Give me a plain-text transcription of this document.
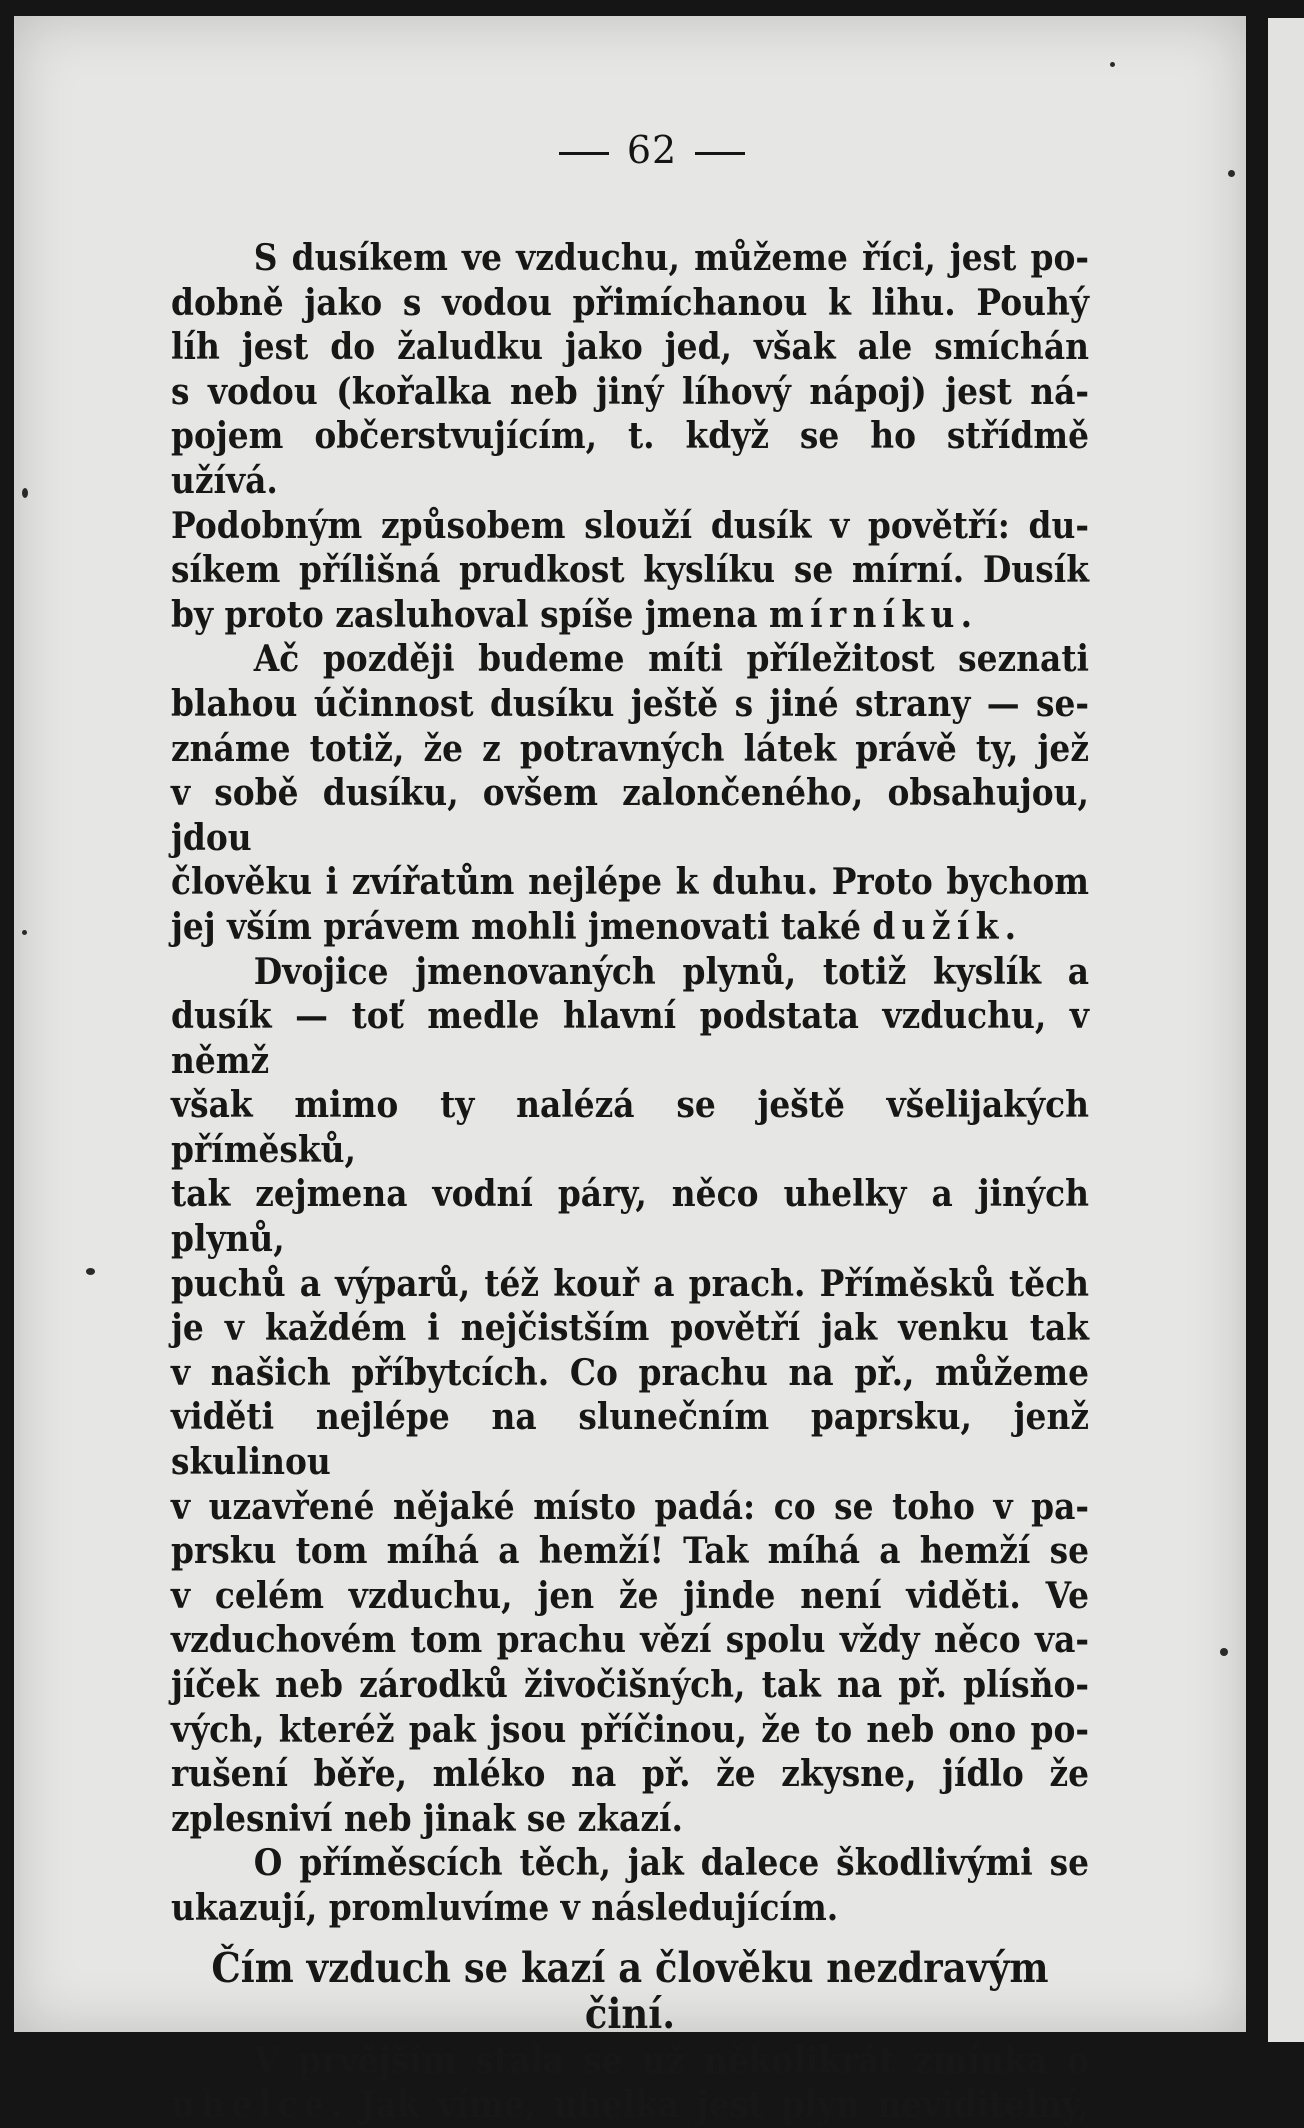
62

S dusíkem ve vzduchu, můžeme říci, jest po-

dobně jako s vodou přimíchanou k lihu. Pouhý

líh jest do žaludku jako jed, však ale smíchán

s vodou (kořalka neb jiný líhový nápoj) jest ná-

pojem občerstvujícím, t. když se ho střídmě užívá.

Podobným způsobem slouží dusík v povětří: du-

síkem přílišná prudkost kyslíku se mírní. Dusík

by proto zasluhoval spíše jmena mírníku.

Ač později budeme míti příležitost seznati

blahou účinnost dusíku ještě s jiné strany — se-

známe totiž, že z potravných látek právě ty, jež

v sobě dusíku, ovšem zalončeného, obsahujou, jdou

člověku i zvířatům nejlépe k duhu. Proto bychom

jej vším právem mohli jmenovati také dužík.

Dvojice jmenovaných plynů, totiž kyslík a

dusík — toť medle hlavní podstata vzduchu, v němž

však mimo ty nalézá se ještě všelijakých příměsků,

tak zejmena vodní páry, něco uhelky a jiných plynů,

puchů a výparů, též kouř a prach. Příměsků těch

je v každém i nejčistším povětří jak venku tak

v našich příbytcích. Co prachu na př., můžeme

viděti nejlépe na slunečním paprsku, jenž skulinou

v uzavřené nějaké místo padá: co se toho v pa-

prsku tom míhá a hemží! Tak míhá a hemží se

v celém vzduchu, jen že jinde není viděti. Ve

vzduchovém tom prachu vězí spolu vždy něco va-

jíček neb zárodků živočišných, tak na př. plísňo-

vých, kteréž pak jsou příčinou, že to neb ono po-

rušení běře, mléko na př. že zkysne, jídlo že

zplesniví neb jinak se zkazí.

O příměscích těch, jak dalece škodlivými se

ukazují, promluvíme v následujícím.

Čím vzduch se kazí a člověku nezdravým
činí.

V prvějším stala se už několikrát zmínka o

uhelce. Jak víme, uhelka jest plyn neviditelný,
